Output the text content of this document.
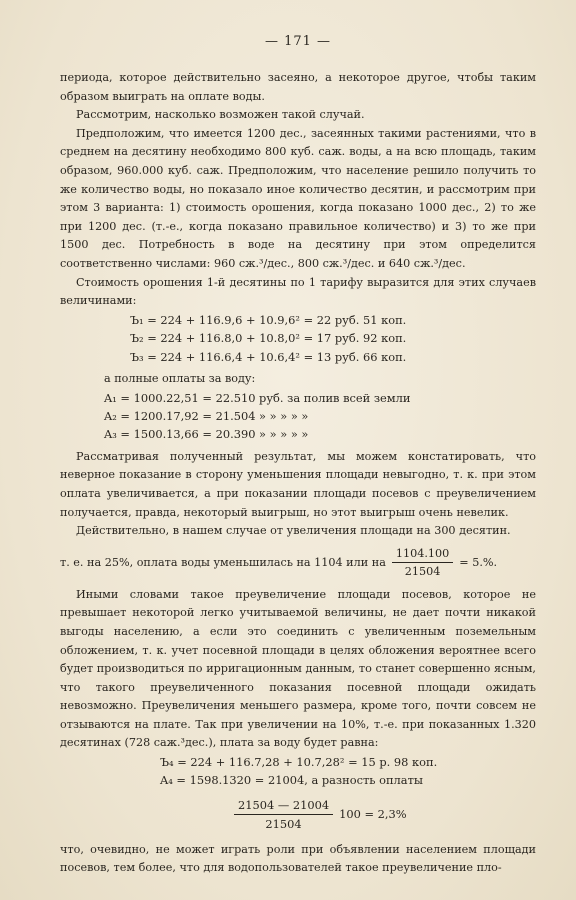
— 171 —

периода, которое действительно засеяно, а некоторое другое, чтобы таким образом выиграть на оплате воды.

Рассмотрим, насколько возможен такой случай.

Предположим, что имеется 1200 дес., засеянных такими растениями, что в среднем на десятину необходимо 800 куб. саж. воды, а на всю площадь, таким образом, 960.000 куб. саж. Предположим, что население решило получить то же количество воды, но показало иное количество десятин, и рассмотрим при этом 3 варианта: 1) стоимость орошения, когда показано 1000 дес., 2) то же при 1200 дес. (т.-е., когда показано правильное количество) и 3) то же при 1500 дес. Потребность в воде на десятину при этом определится соответственно числами: 960 сж.³/дес., 800 сж.³/дес. и 640 сж.³/дес.

Стоимость орошения 1-й десятины по 1 тарифу выразится для этих случаев величинами:

Ъ₁ = 224 + 116.9,6 + 10.9,6² = 22 руб. 51 коп.
Ъ₂ = 224 + 116.8,0 + 10.8,0² = 17 руб. 92 коп.
Ъ₃ = 224 + 116.6,4 + 10.6,4² = 13 руб. 66 коп.

а полные оплаты за воду:

A₁ = 1000.22,51 = 22.510 руб. за полив всей земли
A₂ = 1200.17,92 = 21.504 » » » » »
A₃ = 1500.13,66 = 20.390 » » » » »

Рассматривая полученный результат, мы можем констатировать, что неверное показание в сторону уменьшения площади невыгодно, т. к. при этом оплата увеличивается, а при показании площади посевов с преувеличением получается, правда, некоторый выигрыш, но этот выигрыш очень невелик.

Действительно, в нашем случае от увеличения площади на 300 десятин.

т. е. на 25%, оплата воды уменьшилась на 1104 или на $\frac{1104.100}{21504} = 5.\%$.

Иными словами такое преувеличение площади посевов, которое не превышает некоторой легко учитываемой величины, не дает почти никакой выгоды населению, а если это соединить с увеличенным поземельным обложением, т. к. учет посевной площади в целях обложения вероятнее всего будет производиться по ирригационным данным, то станет совершенно ясным, что такого преувеличенного показания посевной площади ожидать невозможно. Преувеличения меньшего размера, кроме того, почти совсем не отзываются на плате. Так при увеличении на 10%, т.-е. при показанных 1.320 десятинах (728 саж.³дес.), плата за воду будет равна:

Ъ₄ = 224 + 116.7,28 + 10.7,28² = 15 р. 98 коп.
A₄ = 1598.1320 = 21004, а разность оплаты
$\frac{21504 — 21004}{21504} 100 = 2,3\%$

что, очевидно, не может играть роли при объявлении населением площади посевов, тем более, что для водопользователей такое преувеличение пло-
